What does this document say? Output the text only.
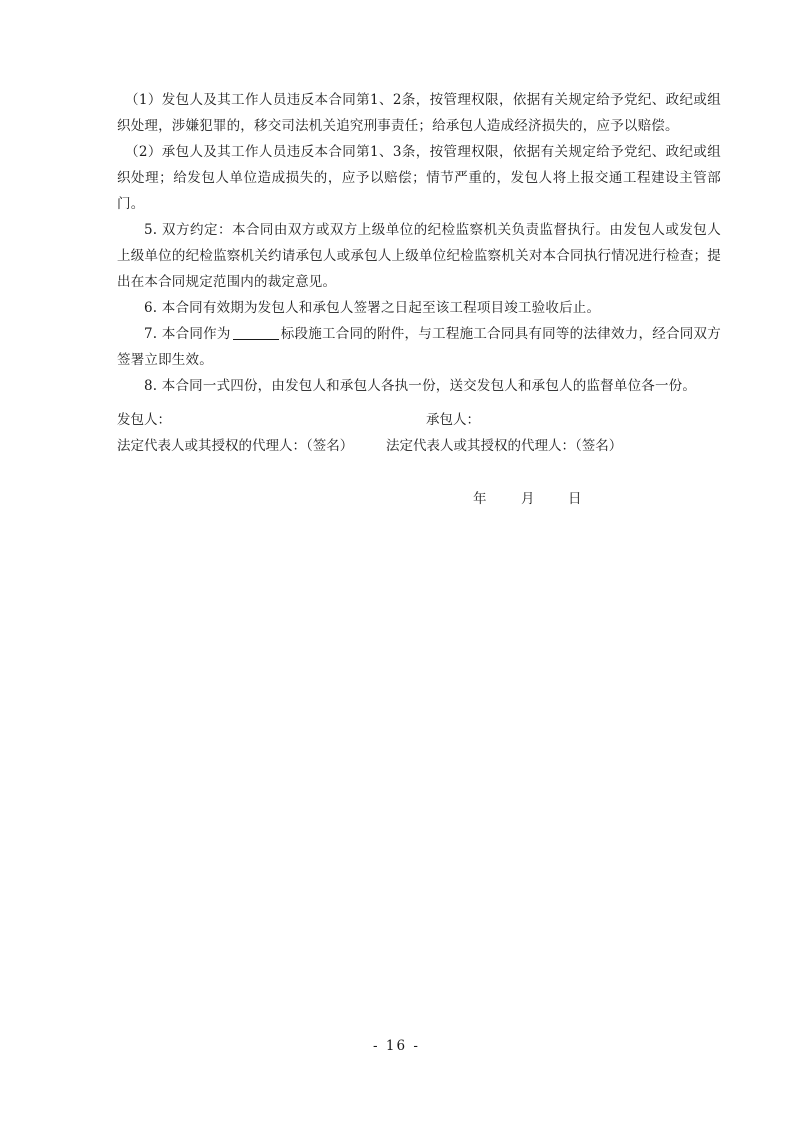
（1）发包人及其工作人员违反本合同第1、2条，按管理权限，依据有关规定给予党纪、政纪或组织处理，涉嫌犯罪的，移交司法机关追究刑事责任；给承包人造成经济损失的，应予以赔偿。

（2）承包人及其工作人员违反本合同第1、3条，按管理权限，依据有关规定给予党纪、政纪或组织处理；给发包人单位造成损失的，应予以赔偿；情节严重的，发包人将上报交通工程建设主管部门。

5. 双方约定：本合同由双方或双方上级单位的纪检监察机关负责监督执行。由发包人或发包人上级单位的纪检监察机关约请承包人或承包人上级单位纪检监察机关对本合同执行情况进行检查；提出在本合同规定范围内的裁定意见。

6. 本合同有效期为发包人和承包人签署之日起至该工程项目竣工验收后止。

7. 本合同作为	标段施工合同的附件，与工程施工合同具有同等的法律效力，经合同双方签署立即生效。

8. 本合同一式四份，由发包人和承包人各执一份，送交发包人和承包人的监督单位各一份。

发包人：	承包人：
法定代表人或其授权的代理人：（签名） 法定代表人或其授权的代理人：（签名）
年	月 日
- 16 -
